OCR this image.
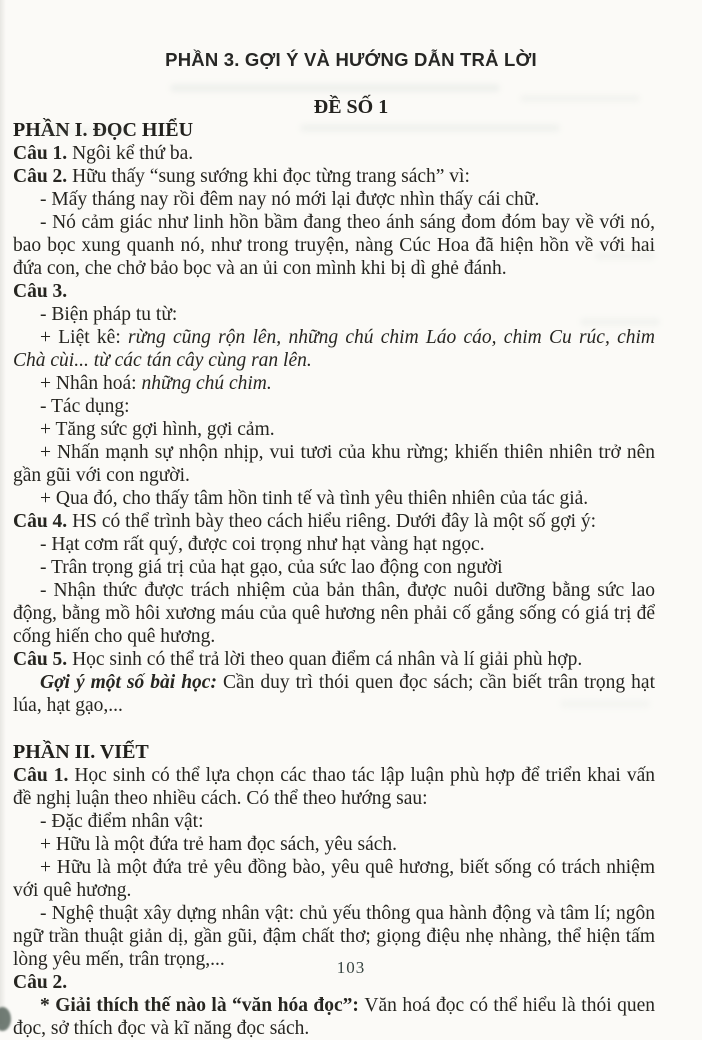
PHẦN 3. GỢI Ý VÀ HƯỚNG DẪN TRẢ LỜI
ĐỀ SỐ 1

PHẦN I. ĐỌC HIỂU

Câu 1. Ngôi kể thứ ba.

Câu 2. Hữu thấy “sung sướng khi đọc từng trang sách” vì:

- Mấy tháng nay rồi đêm nay nó mới lại được nhìn thấy cái chữ.

- Nó cảm giác như linh hồn bầm đang theo ánh sáng đom đóm bay về với nó, bao bọc xung quanh nó, như trong truyện, nàng Cúc Hoa đã hiện hồn về với hai đứa con, che chở bảo bọc và an ủi con mình khi bị dì ghẻ đánh.

Câu 3.

- Biện pháp tu từ:

+ Liệt kê: rừng cũng rộn lên, những chú chim Láo cáo, chim Cu rúc, chim Chà cùi... từ các tán cây cùng ran lên.

+ Nhân hoá: những chú chim.

- Tác dụng:

+ Tăng sức gợi hình, gợi cảm.

+ Nhấn mạnh sự nhộn nhịp, vui tươi của khu rừng; khiến thiên nhiên trở nên gần gũi với con người.

+ Qua đó, cho thấy tâm hồn tinh tế và tình yêu thiên nhiên của tác giả.

Câu 4. HS có thể trình bày theo cách hiểu riêng. Dưới đây là một số gợi ý:

- Hạt cơm rất quý, được coi trọng như hạt vàng hạt ngọc.

- Trân trọng giá trị của hạt gạo, của sức lao động con người

- Nhận thức được trách nhiệm của bản thân, được nuôi dưỡng bằng sức lao động, bằng mồ hôi xương máu của quê hương nên phải cố gắng sống có giá trị để cống hiến cho quê hương.

Câu 5. Học sinh có thể trả lời theo quan điểm cá nhân và lí giải phù hợp.

Gợi ý một số bài học: Cần duy trì thói quen đọc sách; cần biết trân trọng hạt lúa, hạt gạo,...

PHẦN II. VIẾT

Câu 1. Học sinh có thể lựa chọn các thao tác lập luận phù hợp để triển khai vấn đề nghị luận theo nhiều cách. Có thể theo hướng sau:

- Đặc điểm nhân vật:

+ Hữu là một đứa trẻ ham đọc sách, yêu sách.

+ Hữu là một đứa trẻ yêu đồng bào, yêu quê hương, biết sống có trách nhiệm với quê hương.

- Nghệ thuật xây dựng nhân vật: chủ yếu thông qua hành động và tâm lí; ngôn ngữ trần thuật giản dị, gần gũi, đậm chất thơ; giọng điệu nhẹ nhàng, thể hiện tấm lòng yêu mến, trân trọng,...

Câu 2.

* Giải thích thế nào là “văn hóa đọc”: Văn hoá đọc có thể hiểu là thói quen đọc, sở thích đọc và kĩ năng đọc sách.

103
